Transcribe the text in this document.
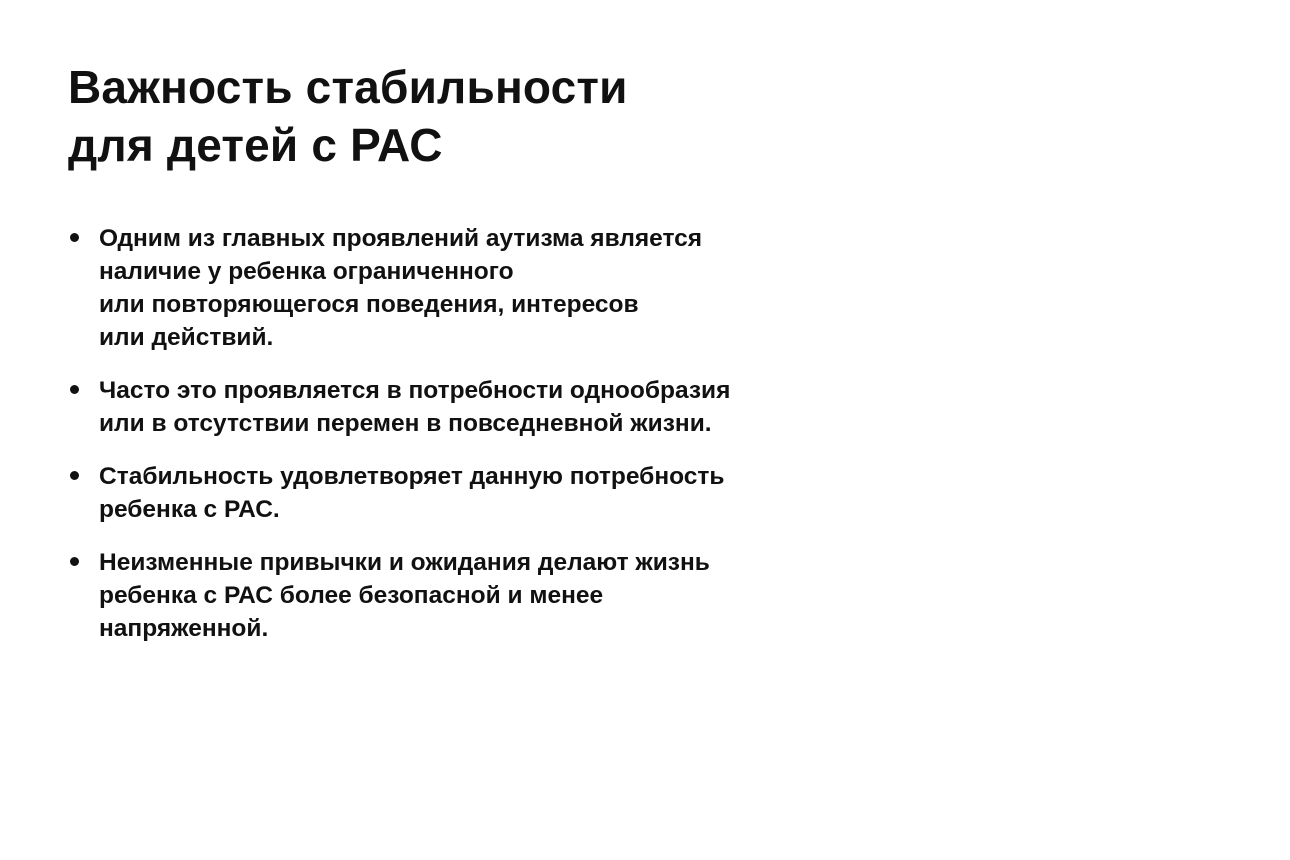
Важность стабильности
для детей с РАС
Одним из главных проявлений аутизма является
наличие у ребенка ограниченного
или повторяющегося поведения, интересов
или действий.
Часто это проявляется в потребности однообразия
или в отсутствии перемен в повседневной жизни.
Стабильность удовлетворяет данную потребность
ребенка с РАС.
Неизменные привычки и ожидания делают жизнь
ребенка с РАС более безопасной и менее
напряженной.
